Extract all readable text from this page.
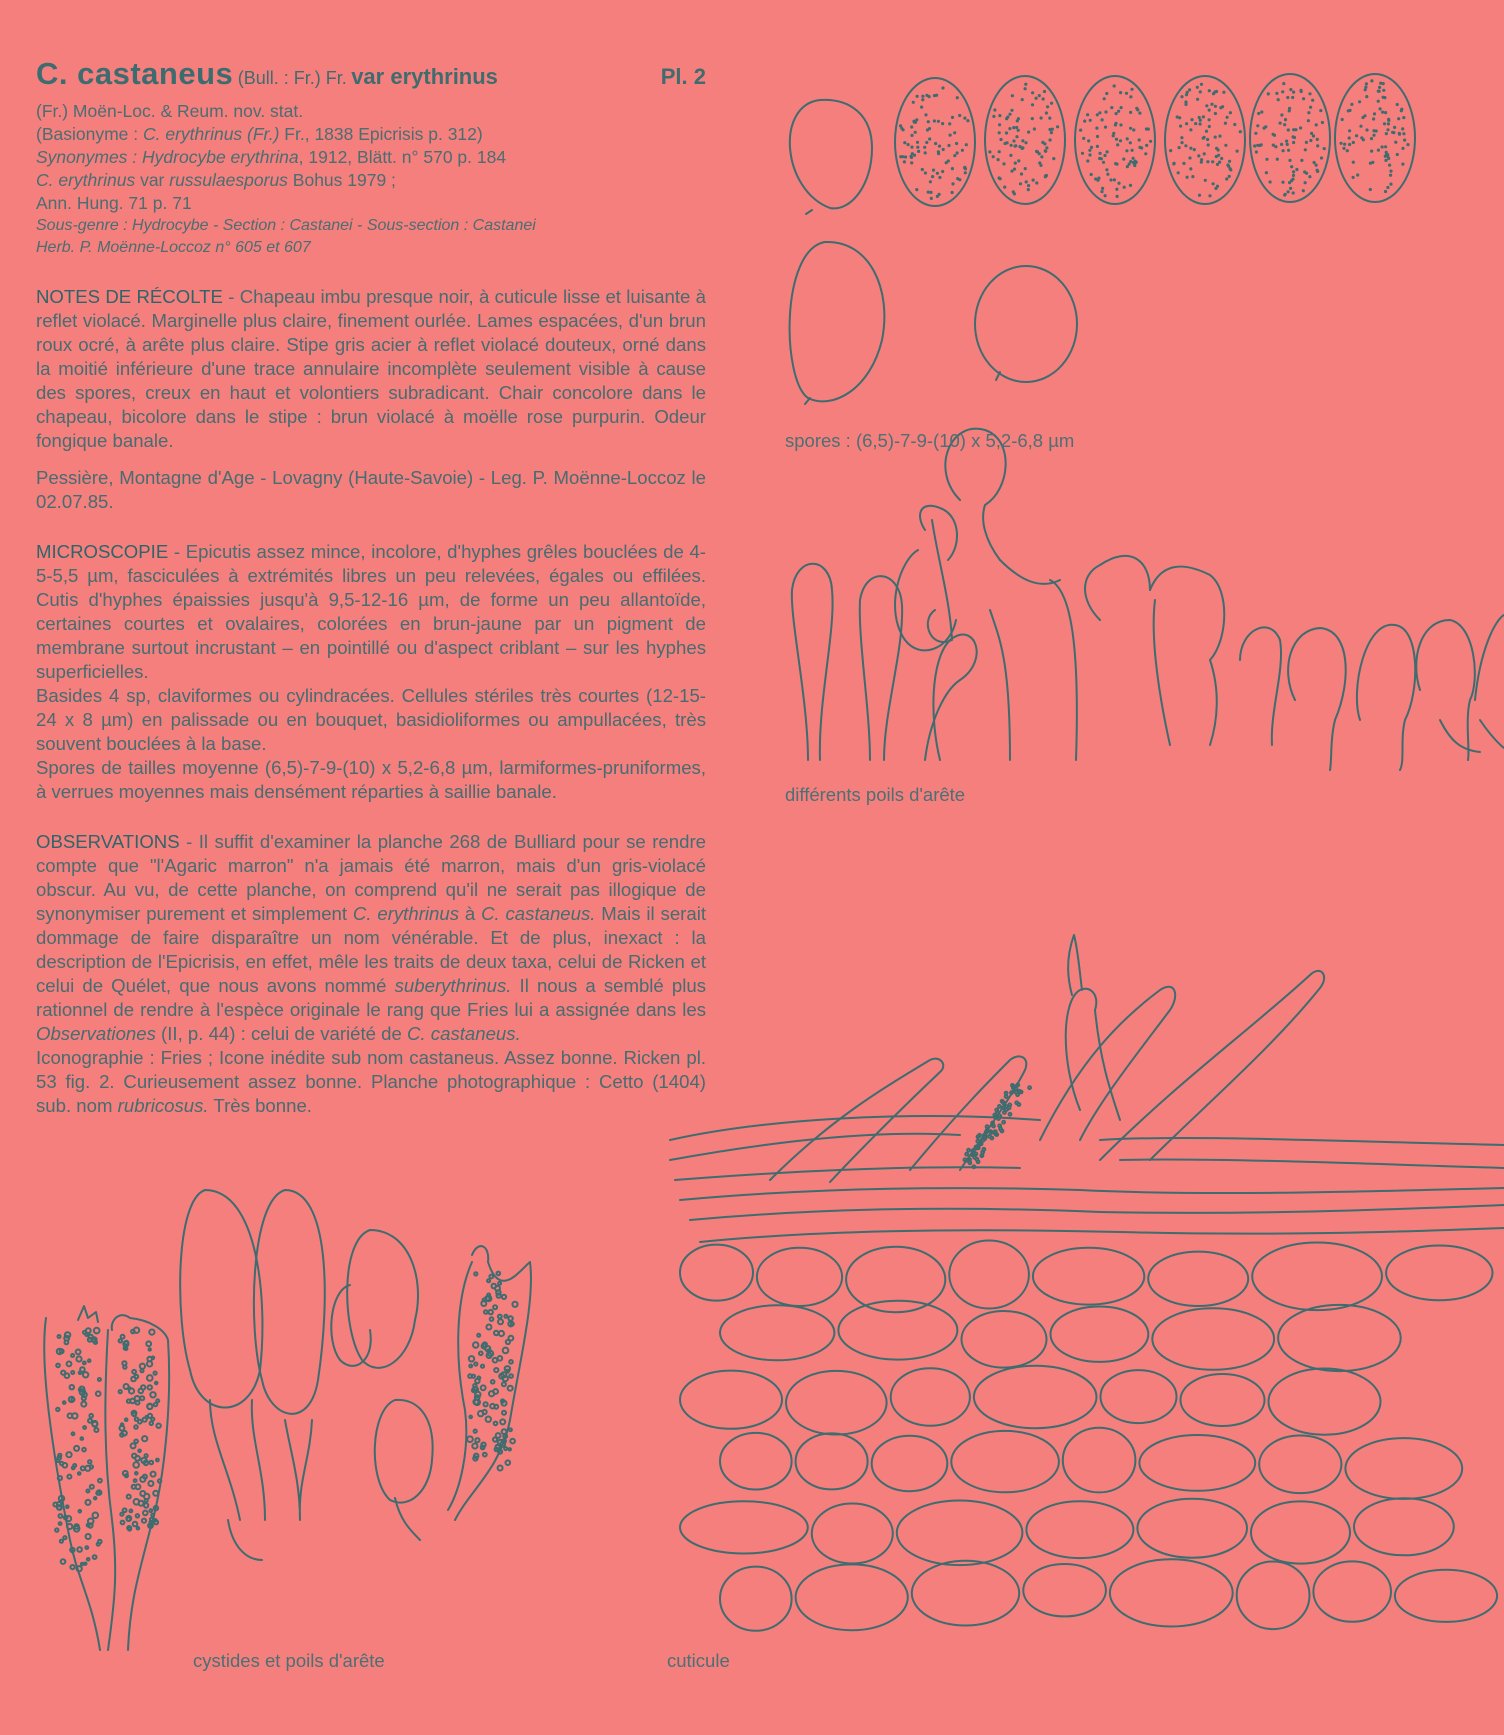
C. castaneus (Bull. : Fr.) Fr. var erythrinus	Pl. 2
(Fr.) Moën-Loc. & Reum. nov. stat.
(Basionyme : C. erythrinus (Fr.) Fr., 1838 Epicrisis p. 312)
Synonymes : Hydrocybe erythrina, 1912, Blätt. n° 570 p. 184
C. erythrinus var russulaesporus Bohus 1979 ;
Ann. Hung. 71 p. 71
Sous-genre : Hydrocybe - Section : Castanei - Sous-section : Castanei
Herb. P. Moënne-Loccoz n° 605 et 607

NOTES DE RÉCOLTE - Chapeau imbu presque noir, à cuticule lisse et luisante à reflet violacé. Marginelle plus claire, finement ourlée. Lames espacées, d'un brun roux ocré, à arête plus claire. Stipe gris acier à reflet violacé douteux, orné dans la moitié inférieure d'une trace annulaire incomplète seulement visible à cause des spores, creux en haut et volontiers subradicant. Chair concolore dans le chapeau, bicolore dans le stipe : brun violacé à moëlle rose purpurin. Odeur fongique banale.

Pessière, Montagne d'Age - Lovagny (Haute-Savoie) - Leg. P. Moënne-Loccoz le 02.07.85.

MICROSCOPIE - Epicutis assez mince, incolore, d'hyphes grêles bouclées de 4-5-5,5 µm, fasciculées à extrémités libres un peu relevées, égales ou effilées. Cutis d'hyphes épaissies jusqu'à 9,5-12-16 µm, de forme un peu allantoïde, certaines courtes et ovalaires, colorées en brun-jaune par un pigment de membrane surtout incrustant – en pointillé ou d'aspect criblant – sur les hyphes superficielles.

Basides 4 sp, claviformes ou cylindracées. Cellules stériles très courtes (12-15-24 x 8 µm) en palissade ou en bouquet, basidioliformes ou ampullacées, très souvent bouclées à la base.

Spores de tailles moyenne (6,5)-7-9-(10) x 5,2-6,8 µm, larmiformes-pruniformes, à verrues moyennes mais densément réparties à saillie banale.

OBSERVATIONS - Il suffit d'examiner la planche 268 de Bulliard pour se rendre compte que "l'Agaric marron" n'a jamais été marron, mais d'un gris-violacé obscur. Au vu, de cette planche, on comprend qu'il ne serait pas illogique de synonymiser purement et simplement C. erythrinus à C. castaneus. Mais il serait dommage de faire disparaître un nom vénérable. Et de plus, inexact : la description de l'Epicrisis, en effet, mêle les traits de deux taxa, celui de Ricken et celui de Quélet, que nous avons nommé suberythrinus. Il nous a semblé plus rationnel de rendre à l'espèce originale le rang que Fries lui a assignée dans les Observationes (II, p. 44) : celui de variété de C. castaneus.

Iconographie : Fries ; Icone inédite sub nom castaneus. Assez bonne. Ricken pl. 53 fig. 2. Curieusement assez bonne. Planche photographique : Cetto (1404) sub. nom rubricosus. Très bonne.

spores : (6,5)-7-9-(10) x 5,2-6,8 µm
différents poils d'arête
cystides et poils d'arête	cuticule
